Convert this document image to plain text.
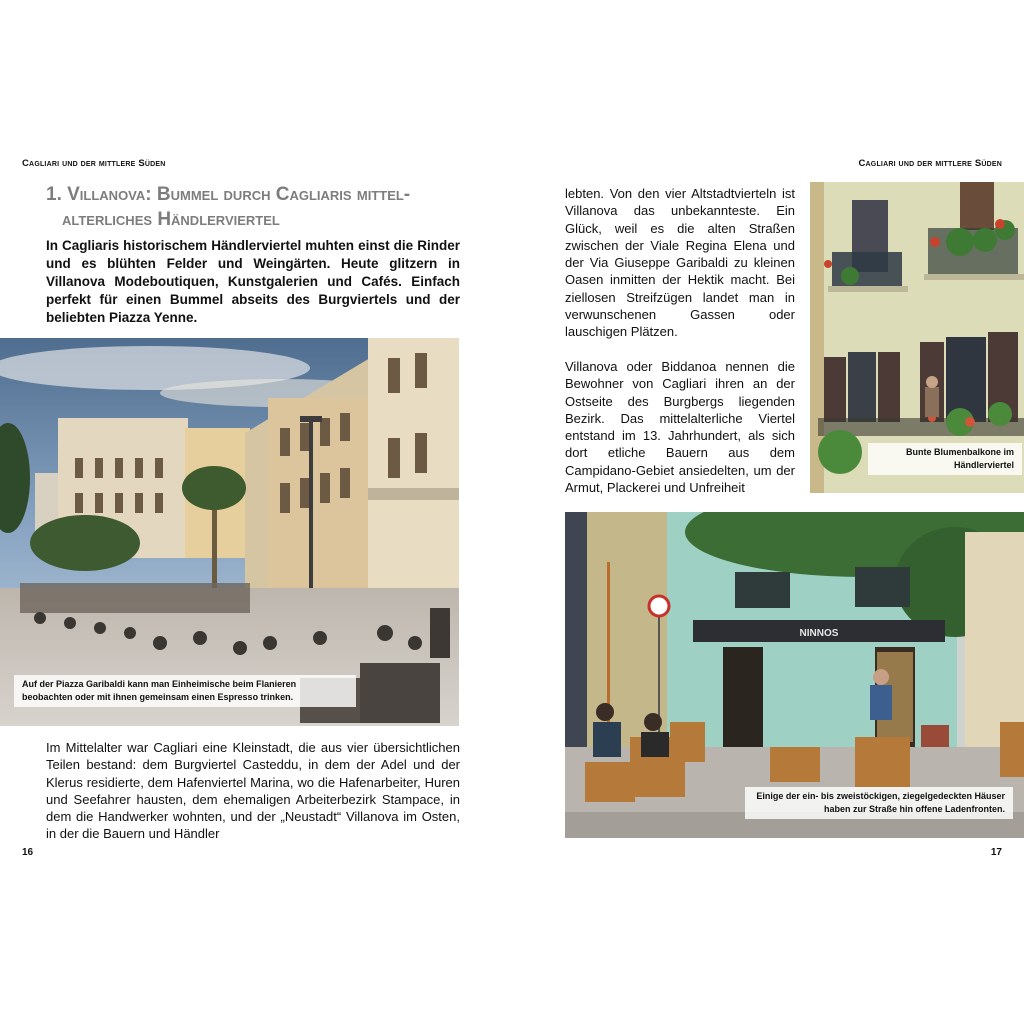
Cagliari und der mittlere Süden
1. Villanova: Bummel durch Cagliaris mittel-
alterliches Händlerviertel
In Cagliaris historischem Händlerviertel muhten einst die Rinder und es blühten Felder und Weingärten. Heute glitzern in Villanova Modeboutiquen, Kunstgalerien und Cafés. Einfach perfekt für einen Bummel abseits des Burgviertels und der beliebten Piazza Yenne.
Auf der Piazza Garibaldi kann man Einheimische beim Flanieren beobachten oder mit ihnen gemeinsam einen Espresso trinken.
Im Mittelalter war Cagliari eine Kleinstadt, die aus vier übersichtlichen Teilen bestand: dem Burgviertel Casteddu, in dem der Adel und der Klerus residierte, dem Hafenviertel Marina, wo die Hafenarbeiter, Huren und Seefahrer hausten, dem ehemaligen Arbeiterbezirk Stampace, in dem die Handwerker wohnten, und der „Neustadt“ Villanova im Osten, in der die Bauern und Händler
16
Cagliari und der mittlere Süden
lebten. Von den vier Altstadtvierteln ist Villanova das unbekannteste. Ein Glück, weil es die alten Straßen zwischen der Viale Regina Elena und der Via Giuseppe Garibaldi zu kleinen Oasen inmitten der Hektik macht. Bei ziellosen Streifzügen landet man in verwunschenen Gassen oder lauschigen Plätzen.
Villanova oder Biddanoa nennen die Bewohner von Cagliari ihren an der Ostseite des Burgbergs liegenden Bezirk. Das mittelalterliche Viertel entstand im 13. Jahrhundert, als sich dort etliche Bauern aus dem Campidano-Gebiet ansiedelten, um der Armut, Plackerei und Unfreiheit
Bunte Blumenbalkone im Händlerviertel
NINNOS
Einige der ein- bis zweistöckigen, ziegelgedeckten Häuser haben zur Straße hin offene Ladenfronten.
17
